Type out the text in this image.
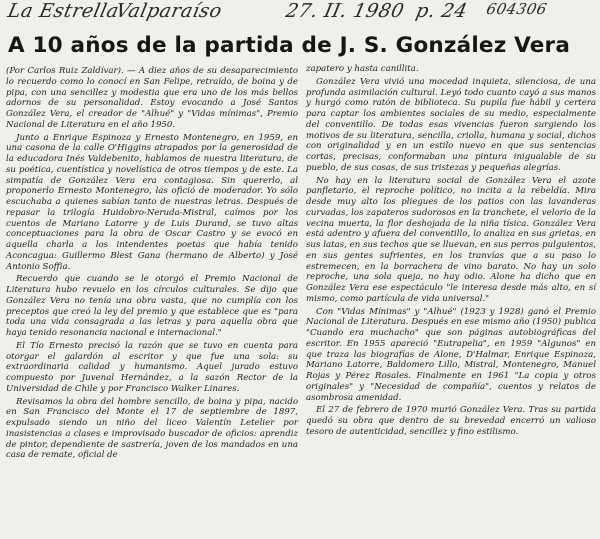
La Estrella
Valparaíso	27. II. 1980 p. 24 604306
A 10 años de la partida de J. S. González Vera

(Por Carlos Ruiz Zaldívar). — A diez años de su desaparecimiento lo recuerdo como lo conocí en San Felipe, retraído, de boina y de pipa, con una sencillez y modestia que era uno de los más bellos adornos de su personalidad. Estoy evocando a José Santos González Vera, el creador de "Alhué" y "Vidas mínimas", Premio Nacional de Literatura en el año 1950.

Junto a Enrique Espinoza y Ernesto Montenegro, en 1959, en una casona de la calle O'Higgins atrapados por la generosidad de la educadora Inés Valdebenito, hablamos de nuestra literatura, de su poética, cuentística y novelística de otros tiempos y de este. La simpatía de González Vera era contagiosa. Sin quererlo, al proponerlo Ernesto Montenegro, las ofició de moderador. Yo sólo escuchaba a quienes sabían tanto de nuestras letras. Después de repasar la trilogía Huidobro-Neruda-Mistral, caímos por los cuentos de Mariano Latorre y de Luis Durand, se tuvo altas conceptuaciones para la obra de Oscar Castro y se evocó en aquella charla a los intendentes poetas que había tenido Aconcagua: Guillermo Blest Gana (hermano de Alberto) y José Antonio Soffia.

Recuerdo que cuando se le otorgó el Premio Nacional de Literatura hubo revuelo en los círculos culturales. Se dijo que González Vera no tenía una obra vasta, que no cumplía con los preceptos que creó la ley del premio y que establece que es "para toda una vida consagrada a las letras y para aquella obra que haya tenido resonancia nacional e internacional."

El Tío Ernesto precisó la razón que se tuvo en cuenta para otorgar el galardón al escritor y que fue una sola: su extraordinaria calidad y humanismo. Aquel jurado estuvo compuesto por Juvenal Hernández, a la sazón Rector de la Universidad de Chile y por Francisco Walker Linares.

Revisamos la obra del hombre sencillo, de boina y pipa, nacido en San Francisco del Monte el 17 de septiembre de 1897, expulsado siendo un niño del liceo Valentín Letelier por inasistencias a clases e improvisado buscador de oficios: aprendiz de pintor, dependiente de sastrería, joven de los mandados en una casa de remate, oficial de

zapatero y hasta canillita.

González Vera vivió una mocedad inquieta, silenciosa, de una profunda asimilación cultural. Leyó todo cuanto cayó a sus manos y hurgó como ratón de biblioteca. Su pupila fue hábil y certera para captar los ambientes sociales de su medio, especialmente del conventillo. De todas esas vivencias fueron surgiendo los motivos de su literatura, sencilla, criolla, humana y social, dichos con originalidad y en un estilo nuevo en que sus sentencias cortas, precisas, conformaban una pintura inigualable de su pueblo, de sus cosas, de sus tristezas y pequeñas alegrías.

No hay en la literatura social de González Vera el azote panfletario, el reproche político, no incita a la rebeldía. Mira desde muy alto los pliegues de los patios con las lavanderas curvadas, los zapateros sudorosos en la tranchete, el velorio de la vecina muerta, la flor deshojada de la niña tísica. González Vera está adentro y afuera del conventillo, lo analiza en sus grietas, en sus latas, en sus techos que se lluevan, en sus perros pulguientos, en sus gentes sufrientes, en los tranvías que a su paso lo estremecen, en la borrachera de vino barato. No hay un solo reproche, una sola queja, no hay odio. Alone ha dicho que en González Vera ese espectáculo "le interesa desde más alto, en sí mismo, como partícula de vida universal."

Con "Vidas Mínimas" y "Alhué" (1923 y 1928) ganó el Premio Nacional de Literatura. Después en ese mismo año (1950) publica "Cuando era muchacho" que son páginas autobiográficas del escritor. En 1955 apareció "Eutrapelia", en 1959 "Algunos" en que traza las biografías de Alone, D'Halmar, Enrique Espinoza, Mariano Latorre, Baldomero Lillo, Mistral, Montenegro, Manuel Rojas y Pérez Rosales. Finalmente en 1961 "La copia y otros originales" y "Necesidad de compañía", cuentos y relatos de asombrosa amenidad.

El 27 de febrero de 1970 murió González Vera. Tras su partida quedó su obra que dentro de su brevedad encerró un valioso tesoro de autenticidad, sencillez y fino estilismo.
